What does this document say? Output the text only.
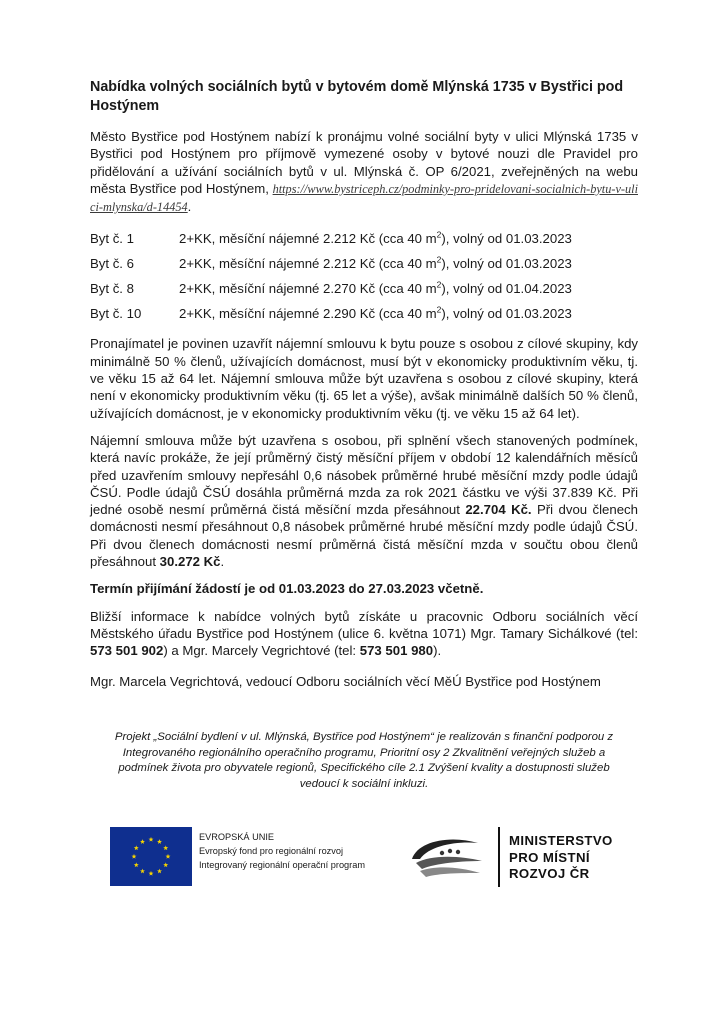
Nabídka volných sociálních bytů v bytovém domě Mlýnská 1735 v Bystřici pod Hostýnem

Město Bystřice pod Hostýnem nabízí k pronájmu volné sociální byty v ulici Mlýnská 1735 v Bystřici pod Hostýnem pro příjmově vymezené osoby v bytové nouzi dle Pravidel pro přidělování a užívání sociálních bytů v ul. Mlýnská č. OP 6/2021, zveřejněných na webu města Bystřice pod Hostýnem, https://www.bystriceph.cz/podminky-pro-pridelovani-socialnich-bytu-v-ulici-mlynska/d-14454.

Byt č. 1	2+KK, měsíční nájemné 2.212 Kč (cca 40 $m^2$), volný od 01.03.2023
Byt č. 6	2+KK, měsíční nájemné 2.212 Kč (cca 40 $m^2$), volný od 01.03.2023
Byt č. 8	2+KK, měsíční nájemné 2.270 Kč (cca 40 $m^2$), volný od 01.04.2023
Byt č. 10	2+KK, měsíční nájemné 2.290 Kč (cca 40 $m^2$), volný od 01.03.2023

Pronajímatel je povinen uzavřít nájemní smlouvu k bytu pouze s osobou z cílové skupiny, kdy minimálně 50 % členů, užívajících domácnost, musí být v ekonomicky produktivním věku, tj. ve věku 15 až 64 let. Nájemní smlouva může být uzavřena s osobou z cílové skupiny, která není v ekonomicky produktivním věku (tj. 65 let a výše), avšak minimálně dalších 50 % členů, užívajících domácnost, je v ekonomicky produktivním věku (tj. ve věku 15 až 64 let).

Nájemní smlouva může být uzavřena s osobou, při splnění všech stanovených podmínek, která navíc prokáže, že její průměrný čistý měsíční příjem v období 12 kalendářních měsíců před uzavřením smlouvy nepřesáhl 0,6 násobek průměrné hrubé měsíční mzdy podle údajů ČSÚ. Podle údajů ČSÚ dosáhla průměrná mzda za rok 2021 částku ve výši 37.839 Kč. Při jedné osobě nesmí průměrná čistá měsíční mzda přesáhnout 22.704 Kč. Při dvou členech domácnosti nesmí přesáhnout 0,8 násobek průměrné hrubé měsíční mzdy podle údajů ČSÚ. Při dvou členech domácnosti nesmí průměrná čistá měsíční mzda v součtu obou členů přesáhnout 30.272 Kč.

Termín přijímání žádostí je od 01.03.2023 do 27.03.2023 včetně.

Bližší informace k nabídce volných bytů získáte u pracovnic Odboru sociálních věcí Městského úřadu Bystřice pod Hostýnem (ulice 6. května 1071) Mgr. Tamary Sichálkové (tel: 573 501 902) a Mgr. Marcely Vegrichtové (tel: 573 501 980).

Mgr. Marcela Vegrichtová, vedoucí Odboru sociálních věcí MěÚ Bystřice pod Hostýnem
Projekt „Sociální bydlení v ul. Mlýnská, Bystřice pod Hostýnem“ je realizován s finanční podporou z Integrovaného regionálního operačního programu, Prioritní osy 2 Zkvalitnění veřejných služeb a podmínek života pro obyvatele regionů, Specifického cíle 2.1 Zvýšení kvality a dostupnosti služeb vedoucí k sociální inkluzi.
EVROPSKÁ UNIE
Evropský fond pro regionální rozvoj
Integrovaný regionální operační program
MINISTERSTVO
PRO MÍSTNÍ
ROZVOJ ČR
